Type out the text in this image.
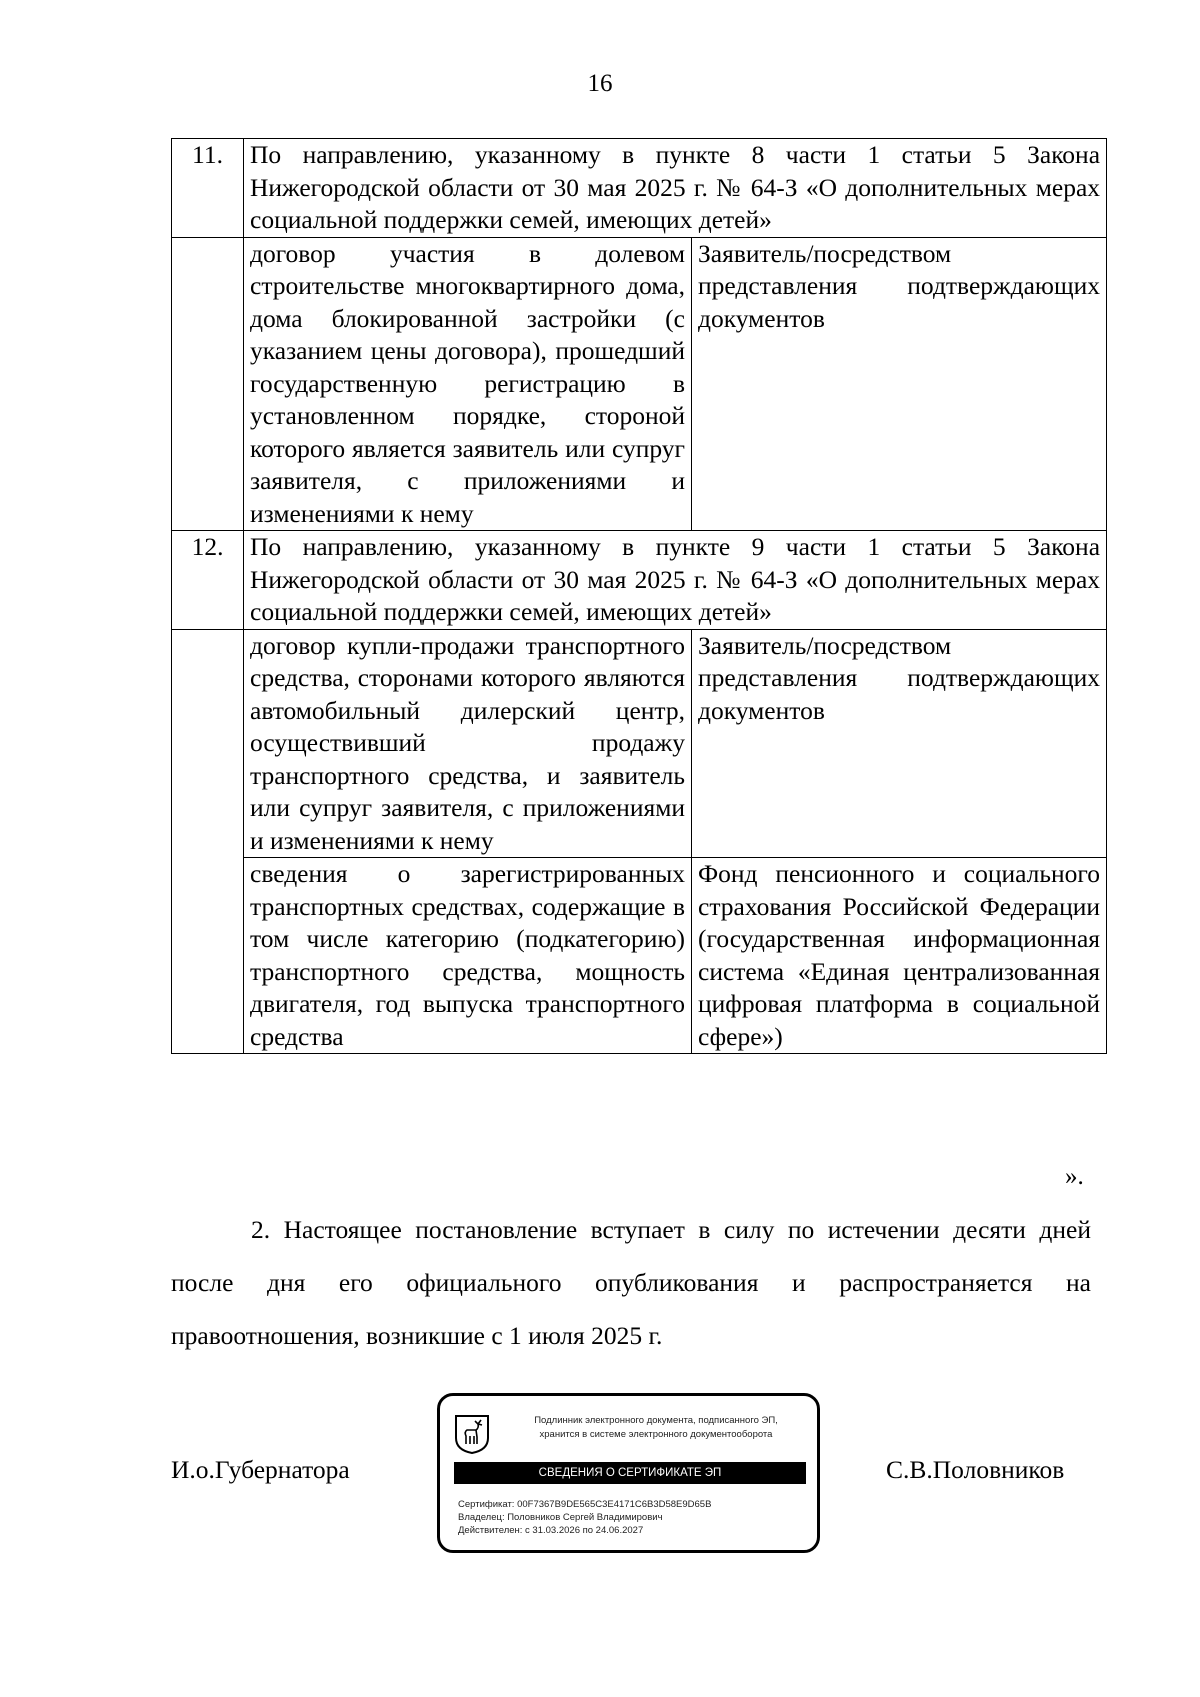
16
11.	По направлению, указанному в пункте 8 части 1 статьи 5 Закона Нижегородской области от 30 мая 2025 г. № 64-З «О дополнительных мерах социальной поддержки семей, имеющих детей»	
	договор участия в долевом строительстве многоквартирного дома, дома блокированной застройки (с указанием цены договора), прошедший государственную регистрацию в установленном порядке, стороной которого является заявитель или супруг заявителя, с приложениями и изменениями к нему	Заявитель/посредством представления подтверждающих документов
12.	По направлению, указанному в пункте 9 части 1 статьи 5 Закона Нижегородской области от 30 мая 2025 г. № 64-З «О дополнительных мерах социальной поддержки семей, имеющих детей»	
	договор купли-продажи транспортного средства, сторонами которого являются автомобильный дилерский центр, осуществивший продажу транспортного средства, и заявитель или супруг заявителя, с приложениями и изменениями к нему	Заявитель/посредством представления подтверждающих документов
	сведения о зарегистрированных транспортных средствах, содержащие в том числе категорию (подкатегорию) транспортного средства, мощность двигателя, год выпуска транспортного средства	Фонд пенсионного и социального страхования Российской Федерации (государственная информационная система «Единая централизованная цифровая платформа в социальной сфере»)
».
2. Настоящее постановление вступает в силу по истечении десяти дней после дня его официального опубликования и распространяется на правоотношения, возникшие с 1 июля 2025 г.
И.о.Губернатора
Подлинник электронного документа, подписанного ЭП,
хранится в системе электронного документооборота
СВЕДЕНИЯ О СЕРТИФИКАТЕ ЭП
Сертификат: 00F7367B9DE565C3E4171C6B3D58E9D65B
Владелец: Половников Сергей Владимирович
Действителен: с 31.03.2026 по 24.06.2027
С.В.Половников
